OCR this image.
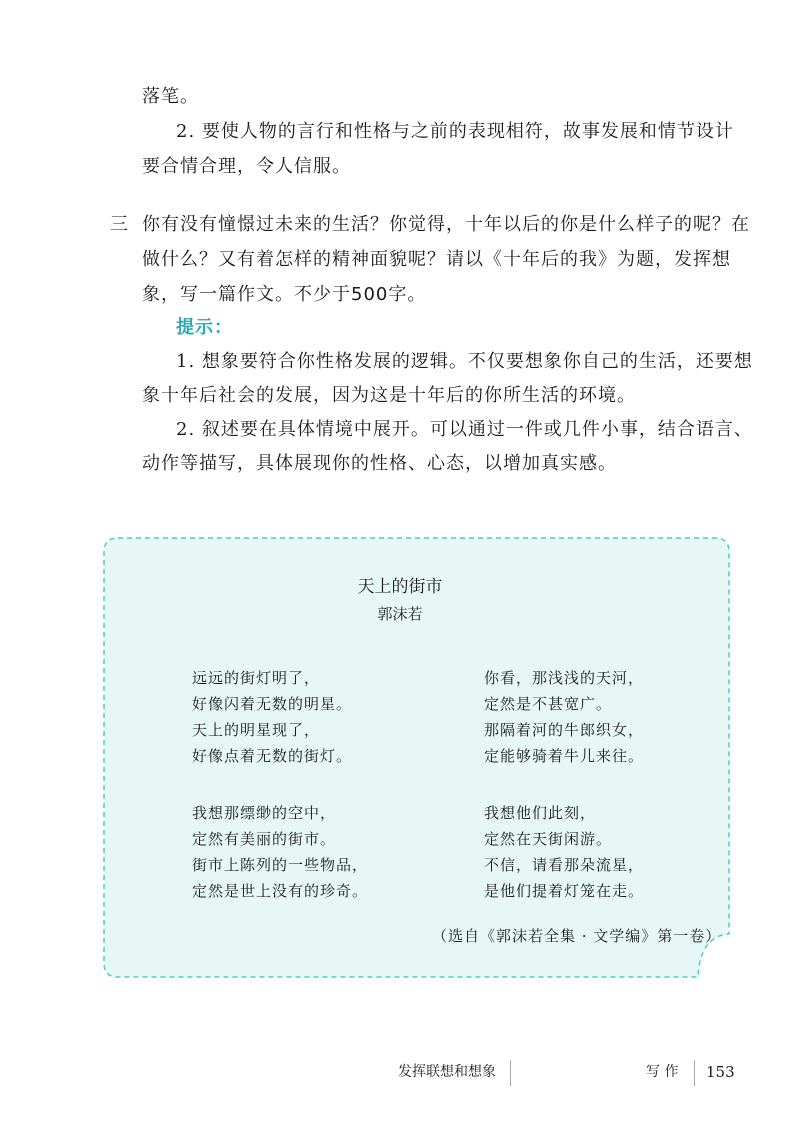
落笔。
2. 要使人物的言行和性格与之前的表现相符，故事发展和情节设计
要合情合理，令人信服。
三 你有没有憧憬过未来的生活？你觉得，十年以后的你是什么样子的呢？在
做什么？又有着怎样的精神面貌呢？请以《十年后的我》为题，发挥想
象，写一篇作文。不少于500字。
提示：
1. 想象要符合你性格发展的逻辑。不仅要想象你自己的生活，还要想
象十年后社会的发展，因为这是十年后的你所生活的环境。
2. 叙述要在具体情境中展开。可以通过一件或几件小事，结合语言、
动作等描写，具体展现你的性格、心态，以增加真实感。
天上的街市
郭沫若
远远的街灯明了，
好像闪着无数的明星。
天上的明星现了，
好像点着无数的街灯。
我想那缥缈的空中，
定然有美丽的街市。
街市上陈列的一些物品，
定然是世上没有的珍奇。
你看，那浅浅的天河，
定然是不甚宽广。
那隔着河的牛郎织女，
定能够骑着牛儿来往。
我想他们此刻，
定然在天街闲游。
不信，请看那朵流星，
是他们提着灯笼在走。
（选自《郭沫若全集 · 文学编》第一卷）
发挥联想和想象	写 作 153
